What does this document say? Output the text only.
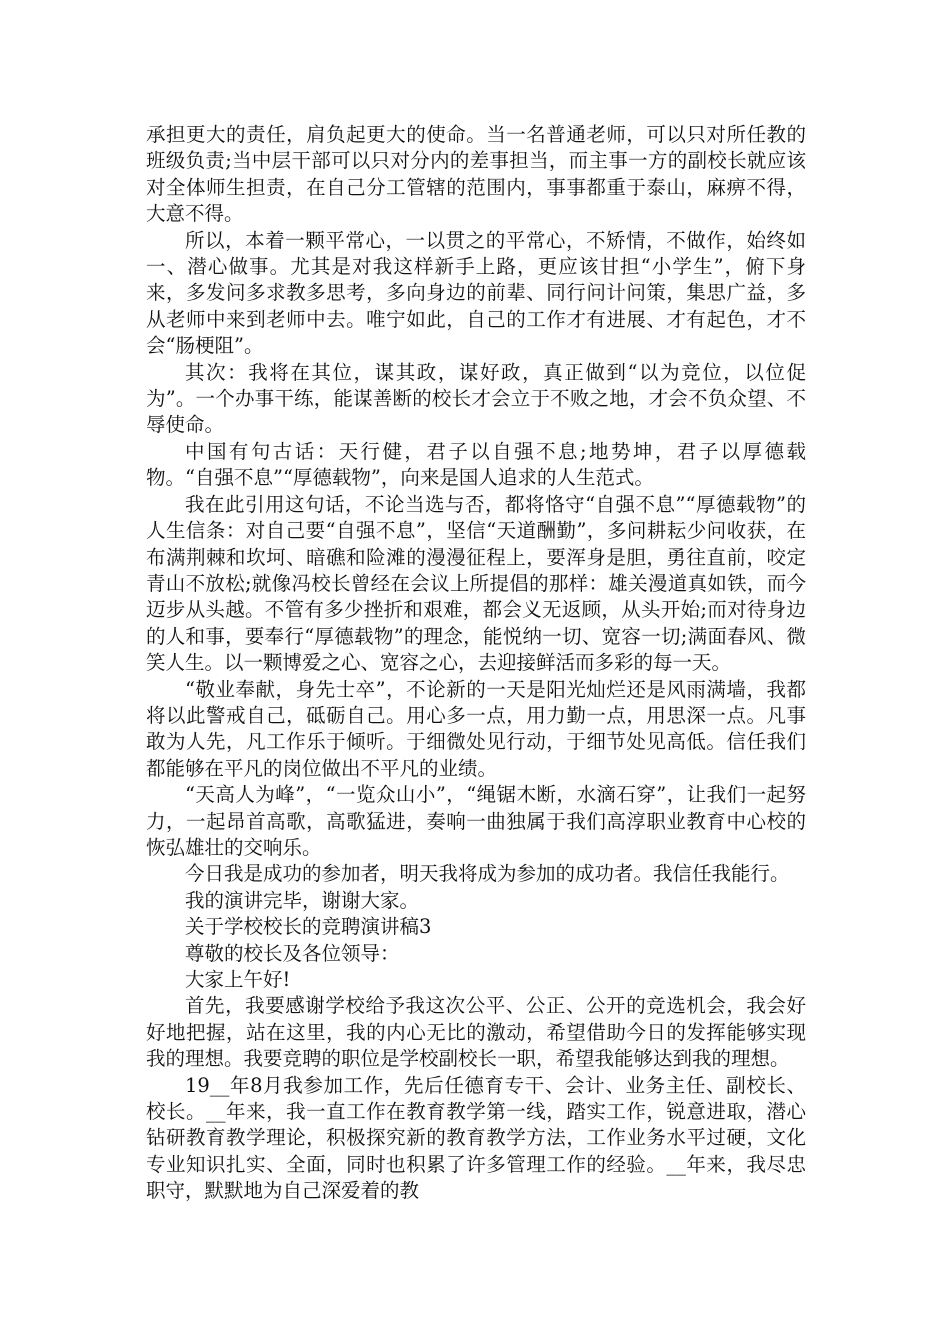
承担更大的责任，肩负起更大的使命。当一名普通老师，可以只对所任教的班级负责;当中层干部可以只对分内的差事担当，而主事一方的副校长就应该对全体师生担责，在自己分工管辖的范围内，事事都重于泰山，麻痹不得，大意不得。

所以，本着一颗平常心，一以贯之的平常心，不矫情，不做作，始终如一、潜心做事。尤其是对我这样新手上路，更应该甘担“小学生”，俯下身来，多发问多求教多思考，多向身边的前辈、同行问计问策，集思广益，多从老师中来到老师中去。唯宁如此，自己的工作才有进展、才有起色，才不会“肠梗阻”。

其次：我将在其位，谋其政，谋好政，真正做到“以为竞位，以位促为”。一个办事干练，能谋善断的校长才会立于不败之地，才会不负众望、不辱使命。

中国有句古话：天行健，君子以自强不息;地势坤，君子以厚德载物。“自强不息”“厚德载物”，向来是国人追求的人生范式。

我在此引用这句话，不论当选与否，都将恪守“自强不息”“厚德载物”的人生信条：对自己要“自强不息”，坚信“天道酬勤”，多问耕耘少问收获，在布满荆棘和坎坷、暗礁和险滩的漫漫征程上，要浑身是胆，勇往直前，咬定青山不放松;就像冯校长曾经在会议上所提倡的那样：雄关漫道真如铁，而今迈步从头越。不管有多少挫折和艰难，都会义无返顾，从头开始;而对待身边的人和事，要奉行“厚德载物”的理念，能悦纳一切、宽容一切;满面春风、微笑人生。以一颗博爱之心、宽容之心，去迎接鲜活而多彩的每一天。

“敬业奉献，身先士卒”，不论新的一天是阳光灿烂还是风雨满墙，我都将以此警戒自己，砥砺自己。用心多一点，用力勤一点，用思深一点。凡事敢为人先，凡工作乐于倾听。于细微处见行动，于细节处见高低。信任我们都能够在平凡的岗位做出不平凡的业绩。

“天高人为峰”，“一览众山小”，“绳锯木断，水滴石穿”，让我们一起努力，一起昂首高歌，高歌猛进，奏响一曲独属于我们高淳职业教育中心校的恢弘雄壮的交响乐。

今日我是成功的参加者，明天我将成为参加的成功者。我信任我能行。

我的演讲完毕，谢谢大家。

关于学校校长的竞聘演讲稿3

尊敬的校长及各位领导：

大家上午好!

首先，我要感谢学校给予我这次公平、公正、公开的竞选机会，我会好好地把握，站在这里，我的内心无比的激动，希望借助今日的发挥能够实现我的理想。我要竞聘的职位是学校副校长一职，希望我能够达到我的理想。

19__年8月我参加工作，先后任德育专干、会计、业务主任、副校长、校长。__年来，我一直工作在教育教学第一线，踏实工作，锐意进取，潜心钻研教育教学理论，积极探究新的教育教学方法，工作业务水平过硬，文化专业知识扎实、全面，同时也积累了许多管理工作的经验。__年来，我尽忠职守，默默地为自己深爱着的教
